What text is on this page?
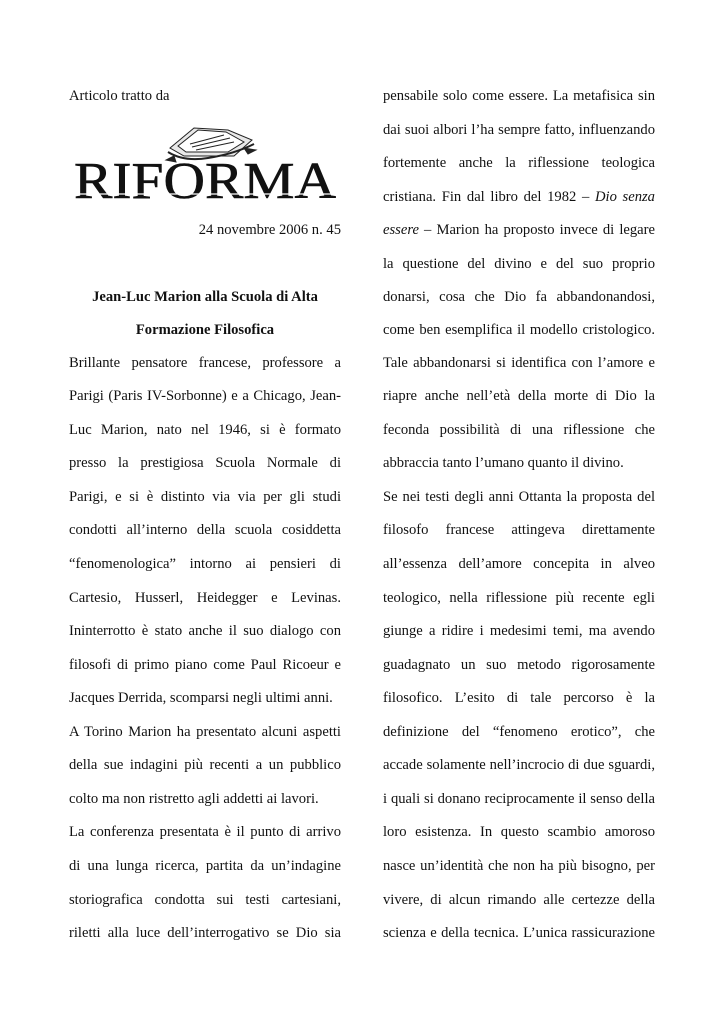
Articolo tratto da
24 novembre 2006 n. 45
Jean-Luc Marion alla Scuola di Alta
Formazione Filosofica
Brillante pensatore francese, professore a
Parigi (Paris IV-Sorbonne) e a Chicago, Jean-
Luc Marion, nato nel 1946, si è formato
presso la prestigiosa Scuola Normale di
Parigi, e si è distinto via via per gli studi
condotti all’interno della scuola cosiddetta
“fenomenologica” intorno ai pensieri di
Cartesio, Husserl, Heidegger e Levinas.
Ininterrotto è stato anche il suo dialogo con
filosofi di primo piano come Paul Ricoeur e
Jacques Derrida, scomparsi negli ultimi anni.
A Torino Marion ha presentato alcuni aspetti
della sue indagini più recenti a un pubblico
colto ma non ristretto agli addetti ai lavori.
La conferenza presentata è il punto di arrivo
di una lunga ricerca, partita da un’indagine
storiografica condotta sui testi cartesiani,
riletti alla luce dell’interrogativo se Dio sia
RIFORMA
pensabile solo come essere. La metafisica sin
dai suoi albori l’ha sempre fatto, influenzando
fortemente anche la riflessione teologica
cristiana. Fin dal libro del 1982 – Dio senza
essere – Marion ha proposto invece di legare
la questione del divino e del suo proprio
donarsi, cosa che Dio fa abbandonandosi,
come ben esemplifica il modello cristologico.
Tale abbandonarsi si identifica con l’amore e
riapre anche nell’età della morte di Dio la
feconda possibilità di una riflessione che
abbraccia tanto l’umano quanto il divino.
Se nei testi degli anni Ottanta la proposta del
filosofo francese attingeva direttamente
all’essenza dell’amore concepita in alveo
teologico, nella riflessione più recente egli
giunge a ridire i medesimi temi, ma avendo
guadagnato un suo metodo rigorosamente
filosofico. L’esito di tale percorso è la
definizione del “fenomeno erotico”, che
accade solamente nell’incrocio di due sguardi,
i quali si donano reciprocamente il senso della
loro esistenza. In questo scambio amoroso
nasce un’identità che non ha più bisogno, per
vivere, di alcun rimando alle certezze della
scienza e della tecnica. L’unica rassicurazione
